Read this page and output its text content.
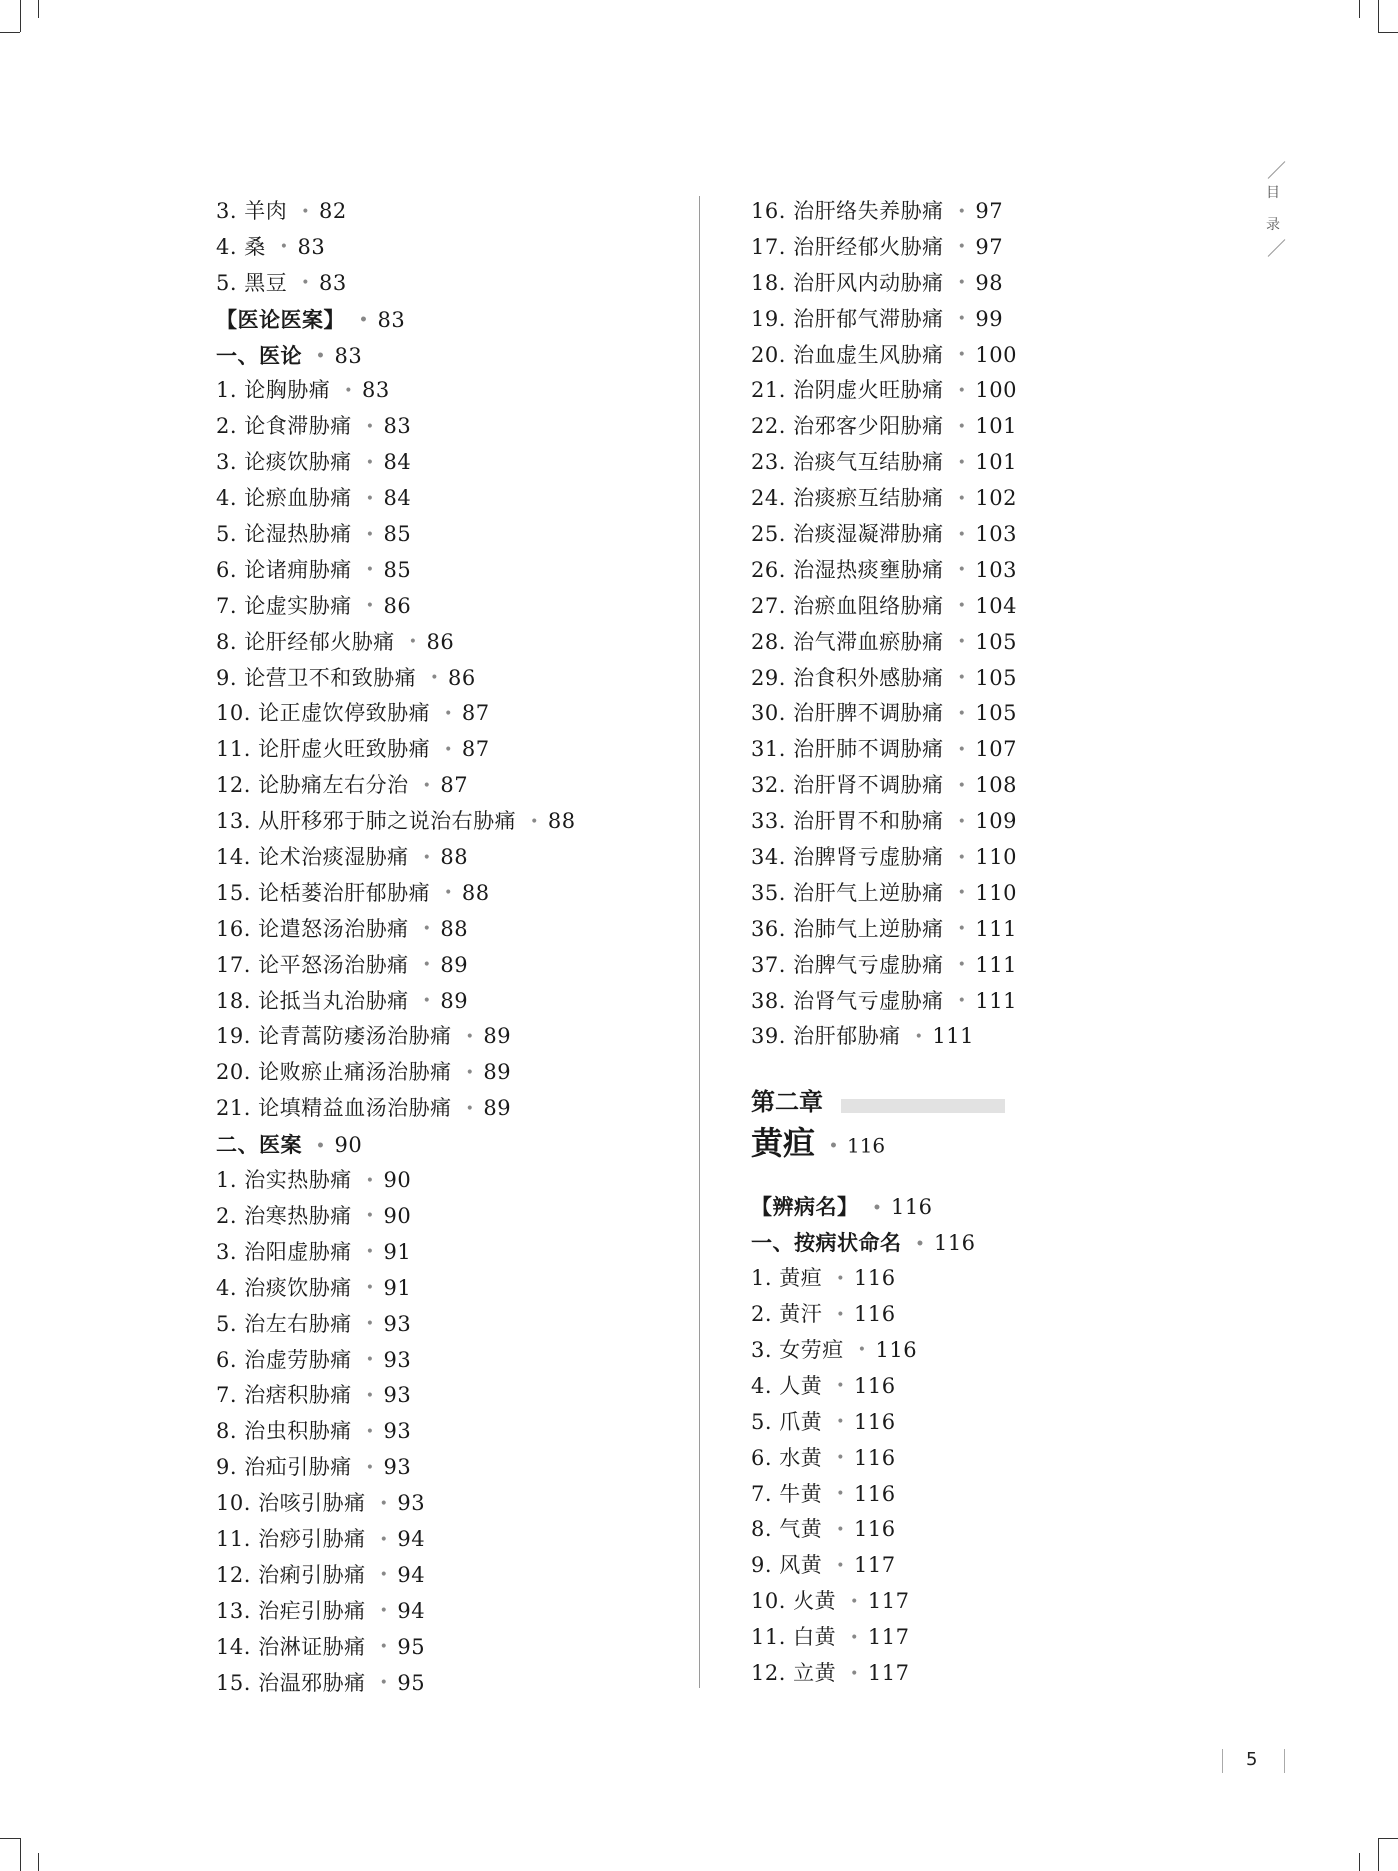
3. 羊肉 • 82
4. 桑 • 83
5. 黑豆 • 83
【医论医案】 • 83
一、医论 • 83
1. 论胸胁痛 • 83
2. 论食滞胁痛 • 83
3. 论痰饮胁痛 • 84
4. 论瘀血胁痛 • 84
5. 论湿热胁痛 • 85
6. 论诸痈胁痛 • 85
7. 论虚实胁痛 • 86
8. 论肝经郁火胁痛 • 86
9. 论营卫不和致胁痛 • 86
10. 论正虚饮停致胁痛 • 87
11. 论肝虚火旺致胁痛 • 87
12. 论胁痛左右分治 • 87
13. 从肝移邪于肺之说治右胁痛 • 88
14. 论术治痰湿胁痛 • 88
15. 论栝蒌治肝郁胁痛 • 88
16. 论遣怒汤治胁痛 • 88
17. 论平怒汤治胁痛 • 89
18. 论抵当丸治胁痛 • 89
19. 论青蒿防痿汤治胁痛 • 89
20. 论败瘀止痛汤治胁痛 • 89
21. 论填精益血汤治胁痛 • 89
二、医案 • 90
1. 治实热胁痛 • 90
2. 治寒热胁痛 • 90
3. 治阳虚胁痛 • 91
4. 治痰饮胁痛 • 91
5. 治左右胁痛 • 93
6. 治虚劳胁痛 • 93
7. 治痞积胁痛 • 93
8. 治虫积胁痛 • 93
9. 治疝引胁痛 • 93
10. 治咳引胁痛 • 93
11. 治痧引胁痛 • 94
12. 治痢引胁痛 • 94
13. 治疟引胁痛 • 94
14. 治淋证胁痛 • 95
15. 治温邪胁痛 • 95
16. 治肝络失养胁痛 • 97
17. 治肝经郁火胁痛 • 97
18. 治肝风内动胁痛 • 98
19. 治肝郁气滞胁痛 • 99
20. 治血虚生风胁痛 • 100
21. 治阴虚火旺胁痛 • 100
22. 治邪客少阳胁痛 • 101
23. 治痰气互结胁痛 • 101
24. 治痰瘀互结胁痛 • 102
25. 治痰湿凝滞胁痛 • 103
26. 治湿热痰壅胁痛 • 103
27. 治瘀血阻络胁痛 • 104
28. 治气滞血瘀胁痛 • 105
29. 治食积外感胁痛 • 105
30. 治肝脾不调胁痛 • 105
31. 治肝肺不调胁痛 • 107
32. 治肝肾不调胁痛 • 108
33. 治肝胃不和胁痛 • 109
34. 治脾肾亏虚胁痛 • 110
35. 治肝气上逆胁痛 • 110
36. 治肺气上逆胁痛 • 111
37. 治脾气亏虚胁痛 • 111
38. 治肾气亏虚胁痛 • 111
39. 治肝郁胁痛 • 111
第二章
黄疸 • 116
【辨病名】 • 116
一、按病状命名 • 116
1. 黄疸 • 116
2. 黄汗 • 116
3. 女劳疸 • 116
4. 人黄 • 116
5. 爪黄 • 116
6. 水黄 • 116
7. 牛黄 • 116
8. 气黄 • 116
9. 风黄 • 117
10. 火黄 • 117
11. 白黄 • 117
12. 立黄 • 117
目
录
5
